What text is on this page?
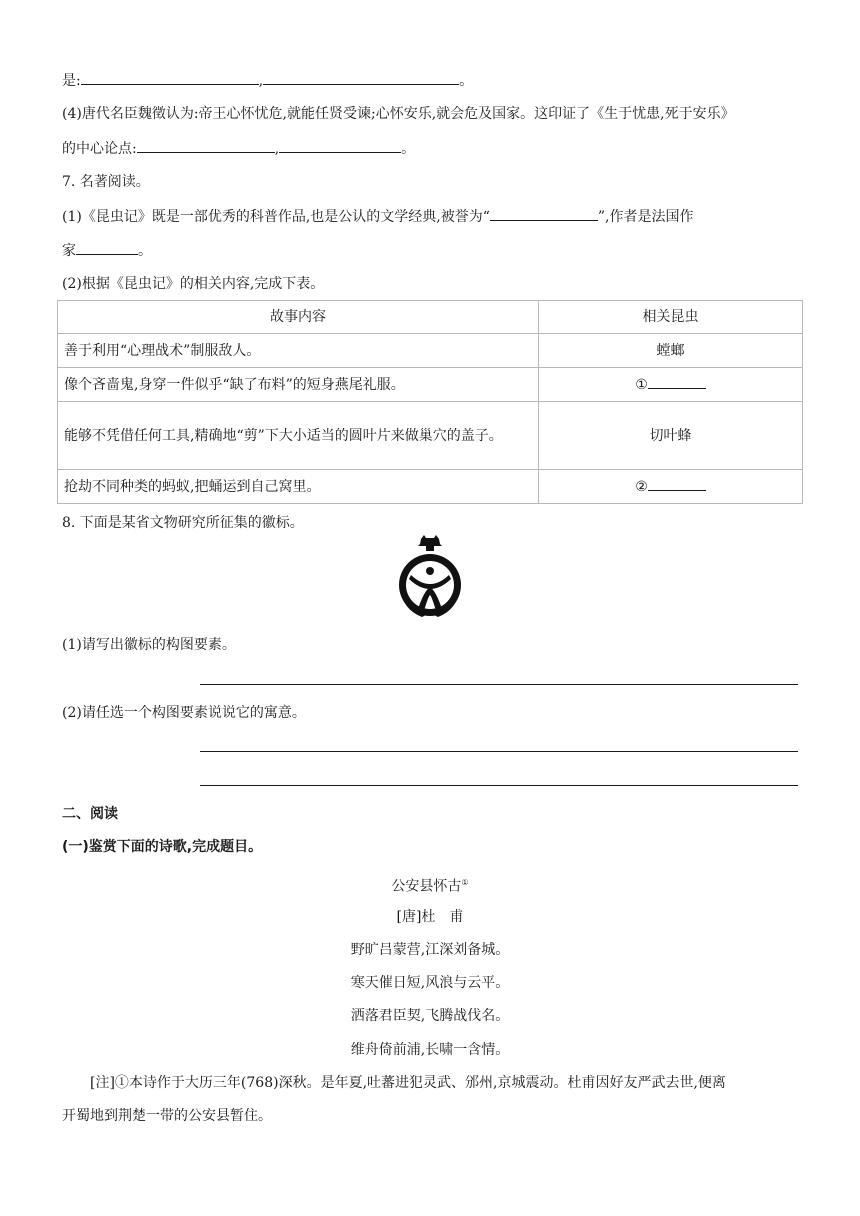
是:	,	。
(4)唐代名臣魏徵认为:帝王心怀忧危,就能任贤受谏;心怀安乐,就会危及国家。这印证了《生于忧患,死于安乐》
的中心论点:	,	。
7. 名著阅读。
(1)《昆虫记》既是一部优秀的科普作品,也是公认的文学经典,被誉为“	”,作者是法国作
家	。
(2)根据《昆虫记》的相关内容,完成下表。
故事内容	相关昆虫
善于利用“心理战术”制服敌人。	螳螂
像个吝啬鬼,身穿一件似乎“缺了布料”的短身燕尾礼服。	①
能够不凭借任何工具,精确地“剪”下大小适当的圆叶片来做巢穴的盖子。	切叶蜂
抢劫不同种类的蚂蚁,把蛹运到自己窝里。	②
8. 下面是某省文物研究所征集的徽标。
(1)请写出徽标的构图要素。
(2)请任选一个构图要素说说它的寓意。
二、阅读
(一)鉴赏下面的诗歌,完成题目。
公安县怀古①
[唐]杜　甫
野旷吕蒙营,江深刘备城。
寒天催日短,风浪与云平。
洒落君臣契,飞腾战伐名。
维舟倚前浦,长啸一含情。
[注]①本诗作于大历三年(768)深秋。是年夏,吐蕃进犯灵武、邠州,京城震动。杜甫因好友严武去世,便离
开蜀地到荆楚一带的公安县暂住。
